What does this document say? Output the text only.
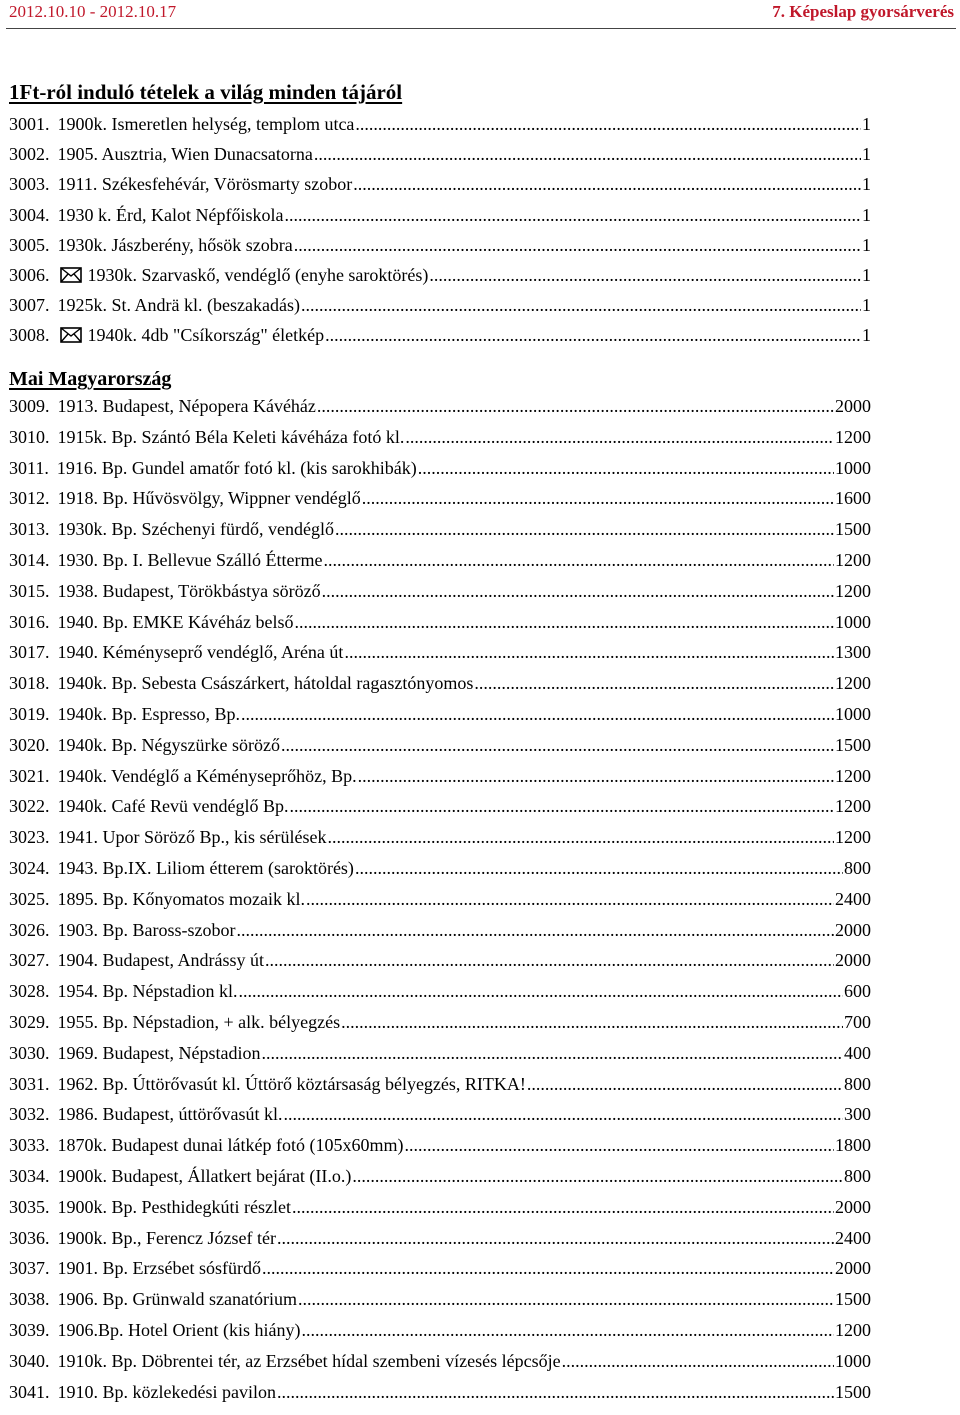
2012.10.10 - 2012.10.17	7. Képeslap gyorsárverés
1Ft-ról induló tételek a világ minden tájáról
3001. 1900k. Ismeretlen helység, templom utca .....	1
3002. 1905. Ausztria, Wien Dunacsatorna .....	1
3003. 1911. Székesfehévár, Vörösmarty szobor .....	1
3004. 1930 k. Érd, Kalot Népfőiskola .....	1
3005. 1930k. Jászberény, hősök szobra .....	1
3006. 1930k. Szarvaskő, vendéglő (enyhe saroktörés) .....	1
3007. 1925k. St. Andrä kl. (beszakadás) .....	1
3008. 1940k. 4db "Csíkország" életkép .....	1
Mai Magyarország
3009. 1913. Budapest, Népopera Kávéház .....	2000
3010. 1915k. Bp. Szántó Béla Keleti kávéháza fotó kl. .....	1200
3011. 1916. Bp. Gundel amatőr fotó kl. (kis sarokhibák) .....	1000
3012. 1918. Bp. Hűvösvölgy, Wippner vendéglő .....	1600
3013. 1930k. Bp. Széchenyi fürdő, vendéglő .....	1500
3014. 1930. Bp. I. Bellevue Szálló Étterme .....	1200
3015. 1938. Budapest, Törökbástya söröző .....	1200
3016. 1940. Bp. EMKE Kávéház belső .....	1000
3017. 1940. Kéményseprő vendéglő, Aréna út .....	1300
3018. 1940k. Bp. Sebesta Császárkert, hátoldal ragasztónyomos .....	1200
3019. 1940k. Bp. Espresso, Bp. .....	1000
3020. 1940k. Bp. Négyszürke söröző .....	1500
3021. 1940k. Vendéglő a Kéményseprőhöz, Bp. .....	1200
3022. 1940k. Café Revü vendéglő Bp. .....	1200
3023. 1941. Upor Söröző Bp., kis sérülések .....	1200
3024. 1943. Bp.IX. Liliom étterem (saroktörés) .....	800
3025. 1895. Bp. Kőnyomatos mozaik kl. .....	2400
3026. 1903. Bp. Baross-szobor .....	2000
3027. 1904. Budapest, Andrássy út .....	2000
3028. 1954. Bp. Népstadion kl. .....	600
3029. 1955. Bp. Népstadion, + alk. bélyegzés .....	700
3030. 1969. Budapest, Népstadion .....	400
3031. 1962. Bp. Úttörővasút kl. Úttörő köztársaság bélyegzés, RITKA! .....	800
3032. 1986. Budapest, úttörővasút kl. .....	300
3033. 1870k. Budapest dunai látkép fotó (105x60mm) .....	1800
3034. 1900k. Budapest, Állatkert bejárat (II.o.) .....	800
3035. 1900k. Bp. Pesthidegkúti részlet .....	2000
3036. 1900k. Bp., Ferencz József tér .....	2400
3037. 1901. Bp. Erzsébet sósfürdő .....	2000
3038. 1906. Bp. Grünwald szanatórium .....	1500
3039. 1906.Bp. Hotel Orient (kis hiány) .....	1200
3040. 1910k. Bp. Döbrentei tér, az Erzsébet hídal szembeni vízesés lépcsője .....	1000
3041. 1910. Bp. közlekedési pavilon .....	1500
